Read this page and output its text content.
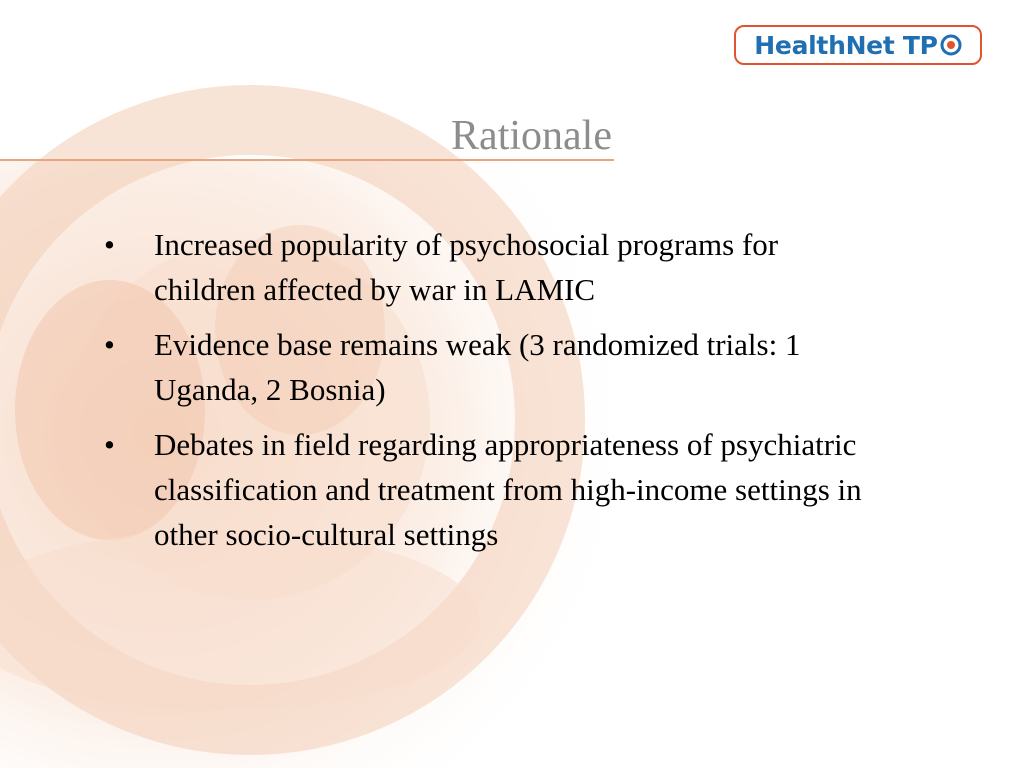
HealthNet TP
Rationale
•	Increased popularity of psychosocial programs for children affected by war in LAMIC
•	Evidence base remains weak (3 randomized trials: 1 Uganda, 2 Bosnia)
•	Debates in field regarding appropriateness of psychiatric classification and treatment from high-income settings in other socio-cultural settings
